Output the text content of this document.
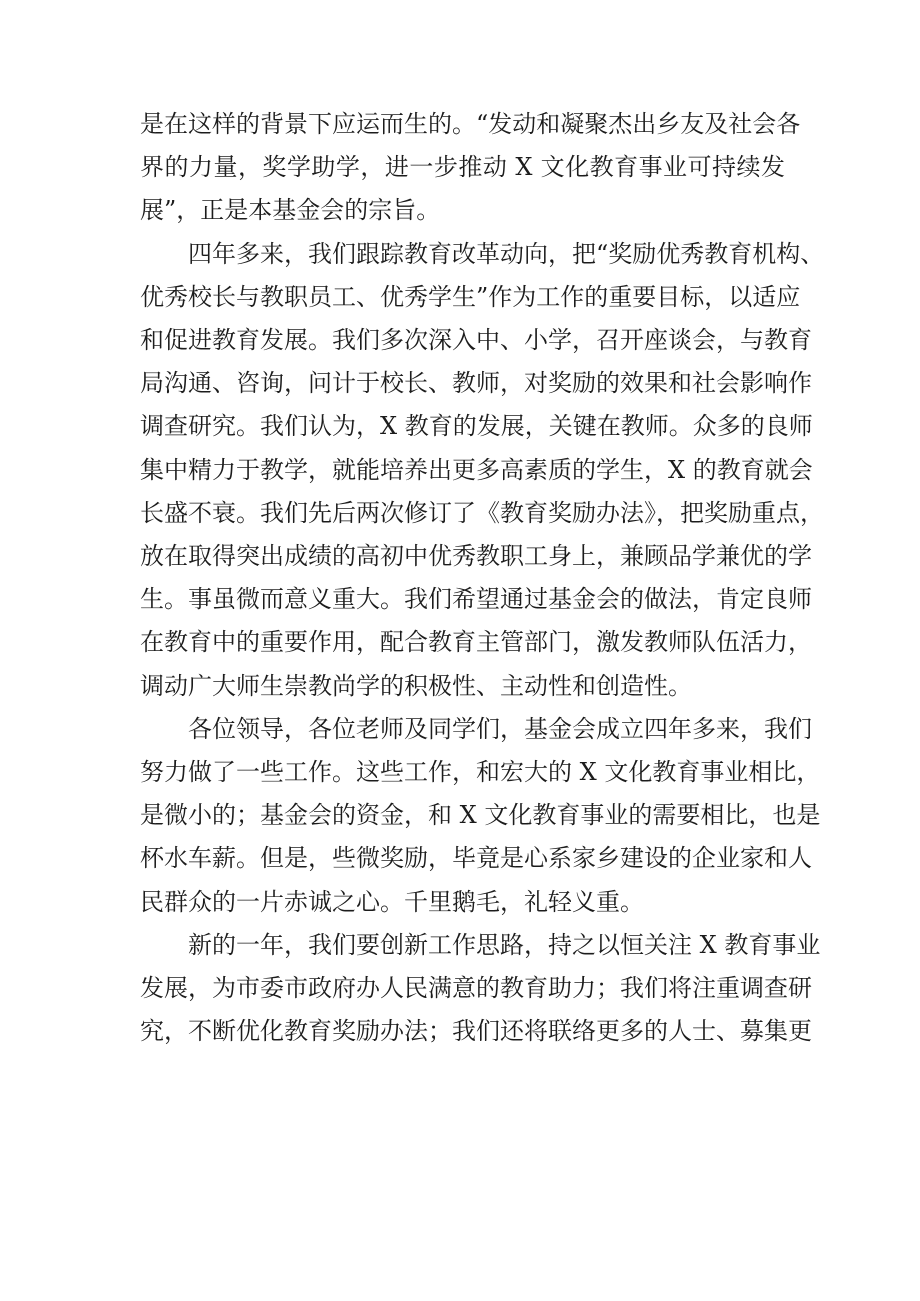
是在这样的背景下应运而生的。“发动和凝聚杰出乡友及社会各
界的力量，奖学助学，进一步推动 X 文化教育事业可持续发
展”，正是本基金会的宗旨。
四年多来，我们跟踪教育改革动向，把“奖励优秀教育机构、
优秀校长与教职员工、优秀学生”作为工作的重要目标，以适应
和促进教育发展。我们多次深入中、小学，召开座谈会，与教育
局沟通、咨询，问计于校长、教师，对奖励的效果和社会影响作
调查研究。我们认为，X 教育的发展，关键在教师。众多的良师
集中精力于教学，就能培养出更多高素质的学生，X 的教育就会
长盛不衰。我们先后两次修订了《教育奖励办法》，把奖励重点，
放在取得突出成绩的高初中优秀教职工身上，兼顾品学兼优的学
生。事虽微而意义重大。我们希望通过基金会的做法，肯定良师
在教育中的重要作用，配合教育主管部门，激发教师队伍活力，
调动广大师生崇教尚学的积极性、主动性和创造性。
各位领导，各位老师及同学们，基金会成立四年多来，我们
努力做了一些工作。这些工作，和宏大的 X 文化教育事业相比，
是微小的；基金会的资金，和 X 文化教育事业的需要相比，也是
杯水车薪。但是，些微奖励，毕竟是心系家乡建设的企业家和人
民群众的一片赤诚之心。千里鹅毛，礼轻义重。
新的一年，我们要创新工作思路，持之以恒关注 X 教育事业
发展，为市委市政府办人民满意的教育助力；我们将注重调查研
究，不断优化教育奖励办法；我们还将联络更多的人士、募集更
